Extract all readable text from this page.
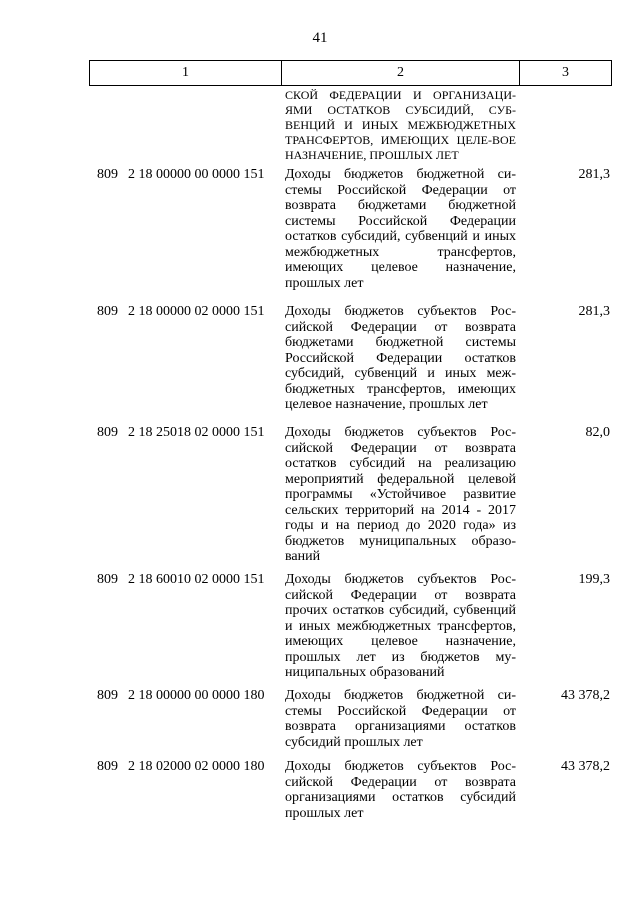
41
1	2	3
СКОЙ ФЕДЕРАЦИИ И ОРГАНИЗАЦИ-ЯМИ ОСТАТКОВ СУБСИДИЙ, СУБ-ВЕНЦИЙ И ИНЫХ МЕЖБЮДЖЕТНЫХ ТРАНСФЕРТОВ, ИМЕЮЩИХ ЦЕЛЕ-ВОЕ НАЗНАЧЕНИЕ, ПРОШЛЫХ ЛЕТ
809 2 18 00000 00 0000 151 Доходы бюджетов бюджетной системы Российской Федерации от возврата бюджетами бюджетной системы Российской Федерации остатков субсидий, субвенций и иных межбюджетных трансфертов, имеющих целевое назначение, прошлых лет
281,3
809 2 18 00000 02 0000 151 Доходы бюджетов субъектов Российской Федерации от возврата бюджетами бюджетной системы Российской Федерации остатков субсидий, субвенций и иных межбюджетных трансфертов, имеющих целевое назначение, прошлых лет
281,3
809 2 18 25018 02 0000 151 Доходы бюджетов субъектов Российской Федерации от возврата остатков субсидий на реализацию мероприятий федеральной целевой программы «Устойчивое развитие сельских территорий на 2014 - 2017 годы и на период до 2020 года» из бюджетов муниципальных образований
82,0
809 2 18 60010 02 0000 151 Доходы бюджетов субъектов Российской Федерации от возврата прочих остатков субсидий, субвенций и иных межбюджетных трансфертов, имеющих целевое назначение, прошлых лет из бюджетов муниципальных образований
199,3
809 2 18 00000 00 0000 180 Доходы бюджетов бюджетной системы Российской Федерации от возврата организациями остатков субсидий прошлых лет
43 378,2
809 2 18 02000 02 0000 180 Доходы бюджетов субъектов Российской Федерации от возврата организациями остатков субсидий прошлых лет
43 378,2
